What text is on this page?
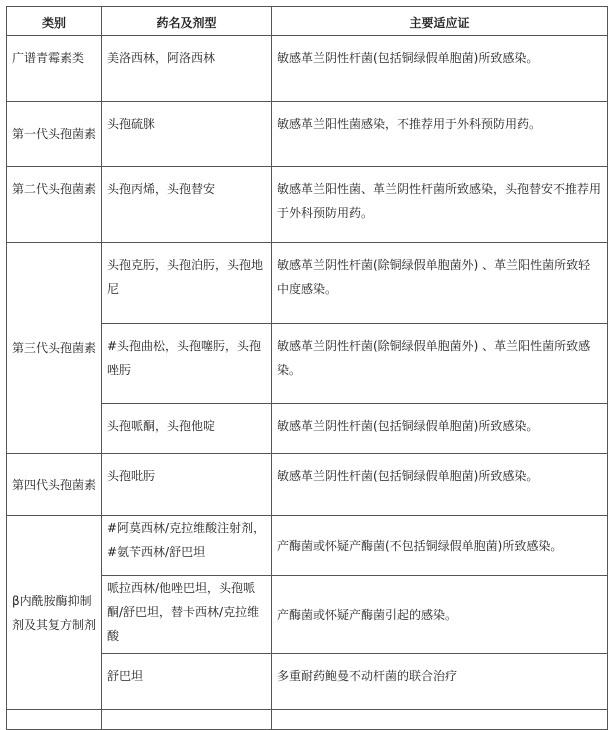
类别	药名及剂型	主要适应证
广谱青霉素类	美洛西林，阿洛西林	敏感革兰阴性杆菌(包括铜绿假单胞菌)所致感染。
第一代头孢菌素	头孢硫脒	敏感革兰阳性菌感染，不推荐用于外科预防用药。
第二代头孢菌素	头孢丙烯，头孢替安	敏感革兰阳性菌、革兰阴性杆菌所致感染，头孢替安不推荐用于外科预防用药。
第三代头孢菌素	头孢克肟，头孢泊肟，头孢地尼	敏感革兰阴性杆菌(除铜绿假单胞菌外) 、革兰阳性菌所致轻中度感染。
	#头孢曲松，头孢噻肟，头孢唑肟	敏感革兰阴性杆菌(除铜绿假单胞菌外) 、革兰阳性菌所致感染。
	头孢哌酮，头孢他啶	敏感革兰阴性杆菌(包括铜绿假单胞菌)所致感染。
第四代头孢菌素	头孢吡肟	敏感革兰阴性杆菌(包括铜绿假单胞菌)所致感染。
β内酰胺酶抑制剂及其复方制剂	#阿莫西林/克拉维酸注射剂，#氨苄西林/舒巴坦	产酶菌或怀疑产酶菌(不包括铜绿假单胞菌)所致感染。
	哌拉西林/他唑巴坦，头孢哌酮/舒巴坦，替卡西林/克拉维酸	产酶菌或怀疑产酶菌引起的感染。
	舒巴坦	多重耐药鲍曼不动杆菌的联合治疗
